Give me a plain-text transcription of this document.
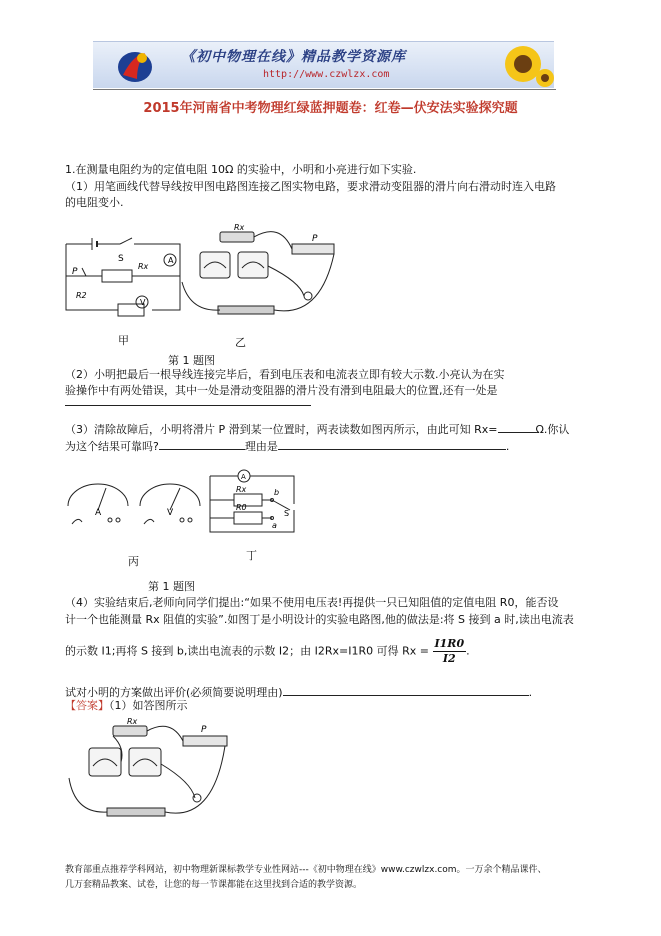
《初中物理在线》精品教学资源库
http://www.czwlzx.com
2015年河南省中考物理红绿蓝押题卷：红卷—伏安法实验探究题
1.在测量电阻约为的定值电阻 10Ω 的实验中，小明和小亮进行如下实验.
（1）用笔画线代替导线按甲图电路图连接乙图实物电路，要求滑动变阻器的滑片向右滑动时连入电路
的电阻变小.
S	A
P
R2
Rx
V
甲
Rx
P
乙
第 1 题图
（2）小明把最后一根导线连接完毕后，看到电压表和电流表立即有较大示数.小亮认为在实
验操作中有两处错误，其中一处是滑动变阻器的滑片没有滑到电阻最大的位置,还有一处是
（3）清除故障后，小明将滑片 P 滑到某一位置时，两表读数如图丙所示，由此可知 Rx=	Ω.你认
为这个结果可靠吗?	理由是	.
A	V
丙
A
Rx
R0
b
S
a
丁
第 1 题图
（4）实验结束后,老师向同学们提出:“如果不使用电压表!再提供一只已知阻值的定值电阻 R0，能否设
计一个也能测量 Rx 阻值的实验”.如图丁是小明设计的实验电路图,他的做法是:将 S 接到 a 时,读出电流表
的示数 I1;再将 S 接到 b,读出电流表的示数 I2；由 I2Rx=I1R0 可得 $Rx = \frac{I1R0}{I2}$ .
试对小明的方案做出评价(必须简要说明理由)	.
【答案】（1）如答图所示
Rx
P
教育部重点推荐学科网站，初中物理新课标教学专业性网站---《初中物理在线》www.czwlzx.com。一万余个精品课件、
几万套精品教案、试卷，让您的每一节课都能在这里找到合适的教学资源。
